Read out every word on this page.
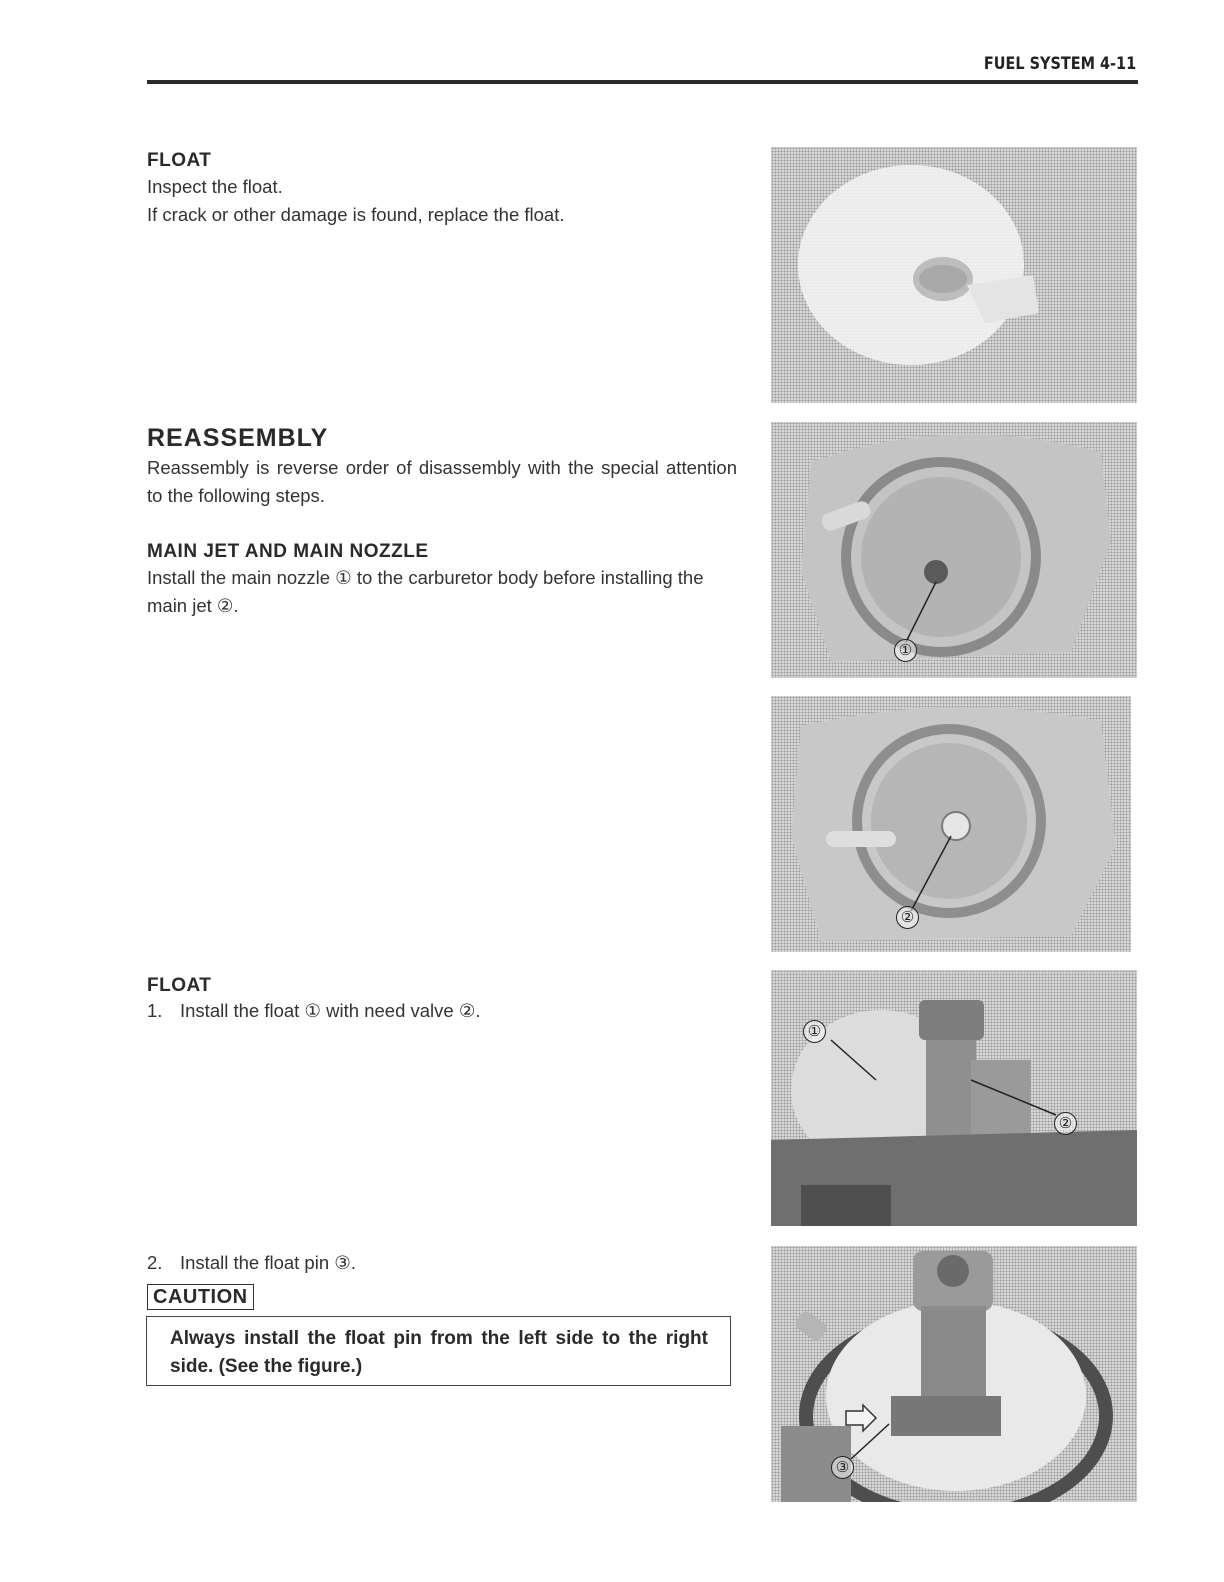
FUEL SYSTEM 4-11

FLOAT

Inspect the float.

If crack or other damage is found, replace the float.

REASSEMBLY

Reassembly is reverse order of disassembly with the special attention to the following steps.

MAIN JET AND MAIN NOZZLE

Install the main nozzle ① to the carburetor body before installing the main jet ②.

FLOAT

1. Install the float ① with need valve ②.
2. Install the float pin ③.
CAUTION
Always install the float pin from the left side to the right side. (See the figure.)
①
②
①
②
③
